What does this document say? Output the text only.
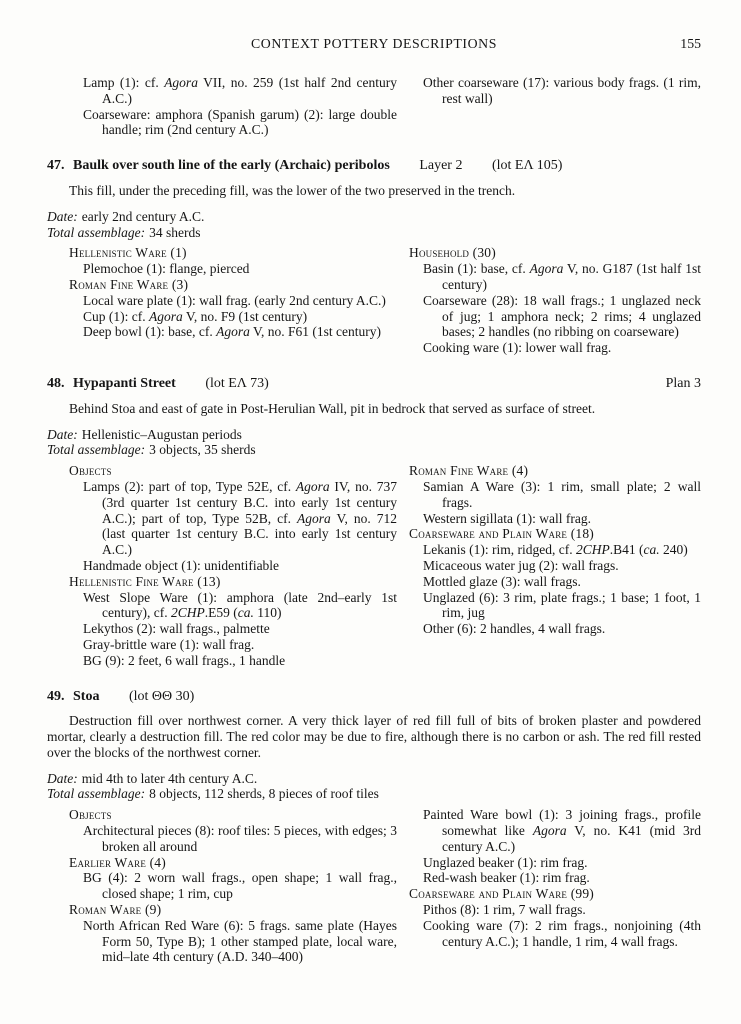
CONTEXT POTTERY DESCRIPTIONS	155
Lamp (1): cf. Agora VII, no. 259 (1st half 2nd century A.C.)
Coarseware: amphora (Spanish garum) (2): large double handle; rim (2nd century A.C.)
Other coarseware (17): various body frags. (1 rim, rest wall)
47. Baulk over south line of the early (Archaic) peribolos Layer 2 (lot ΕΛ 105)

This fill, under the preceding fill, was the lower of the two preserved in the trench.

Date: early 2nd century A.C.

Total assemblage: 34 sherds

Hellenistic Ware (1)
Plemochoe (1): flange, pierced
Roman Fine Ware (3)
Local ware plate (1): wall frag. (early 2nd century A.C.)
Cup (1): cf. Agora V, no. F9 (1st century)
Deep bowl (1): base, cf. Agora V, no. F61 (1st century)
Household (30)
Basin (1): base, cf. Agora V, no. G187 (1st half 1st century)
Coarseware (28): 18 wall frags.; 1 unglazed neck of jug; 1 amphora neck; 2 rims; 4 unglazed bases; 2 handles (no ribbing on coarseware)
Cooking ware (1): lower wall frag.
48. Hypapanti Street (lot ΕΛ 73)	Plan 3

Behind Stoa and east of gate in Post-Herulian Wall, pit in bedrock that served as surface of street.

Date: Hellenistic–Augustan periods

Total assemblage: 3 objects, 35 sherds

Objects
Lamps (2): part of top, Type 52E, cf. Agora IV, no. 737 (3rd quarter 1st century B.C. into early 1st century A.C.); part of top, Type 52B, cf. Agora V, no. 712 (last quarter 1st century B.C. into early 1st century A.C.)
Handmade object (1): unidentifiable
Hellenistic Fine Ware (13)
West Slope Ware (1): amphora (late 2nd–early 1st century), cf. 2CHP.E59 (ca. 110)
Lekythos (2): wall frags., palmette
Gray-brittle ware (1): wall frag.
BG (9): 2 feet, 6 wall frags., 1 handle
Roman Fine Ware (4)
Samian A Ware (3): 1 rim, small plate; 2 wall frags.
Western sigillata (1): wall frag.
Coarseware and Plain Ware (18)
Lekanis (1): rim, ridged, cf. 2CHP.B41 (ca. 240)
Micaceous water jug (2): wall frags.
Mottled glaze (3): wall frags.
Unglazed (6): 3 rim, plate frags.; 1 base; 1 foot, 1 rim, jug
Other (6): 2 handles, 4 wall frags.
49. Stoa (lot ΘΘ 30)

Destruction fill over northwest corner. A very thick layer of red fill full of bits of broken plaster and powdered mortar, clearly a destruction fill. The red color may be due to fire, although there is no carbon or ash. The red fill rested over the blocks of the northwest corner.

Date: mid 4th to later 4th century A.C.

Total assemblage: 8 objects, 112 sherds, 8 pieces of roof tiles

Objects
Architectural pieces (8): roof tiles: 5 pieces, with edges; 3 broken all around
Earlier Ware (4)
BG (4): 2 worn wall frags., open shape; 1 wall frag., closed shape; 1 rim, cup
Roman Ware (9)
North African Red Ware (6): 5 frags. same plate (Hayes Form 50, Type B); 1 other stamped plate, local ware, mid–late 4th century (A.D. 340–400)
Painted Ware bowl (1): 3 joining frags., profile somewhat like Agora V, no. K41 (mid 3rd century A.C.)
Unglazed beaker (1): rim frag.
Red-wash beaker (1): rim frag.
Coarseware and Plain Ware (99)
Pithos (8): 1 rim, 7 wall frags.
Cooking ware (7): 2 rim frags., nonjoining (4th century A.C.); 1 handle, 1 rim, 4 wall frags.
